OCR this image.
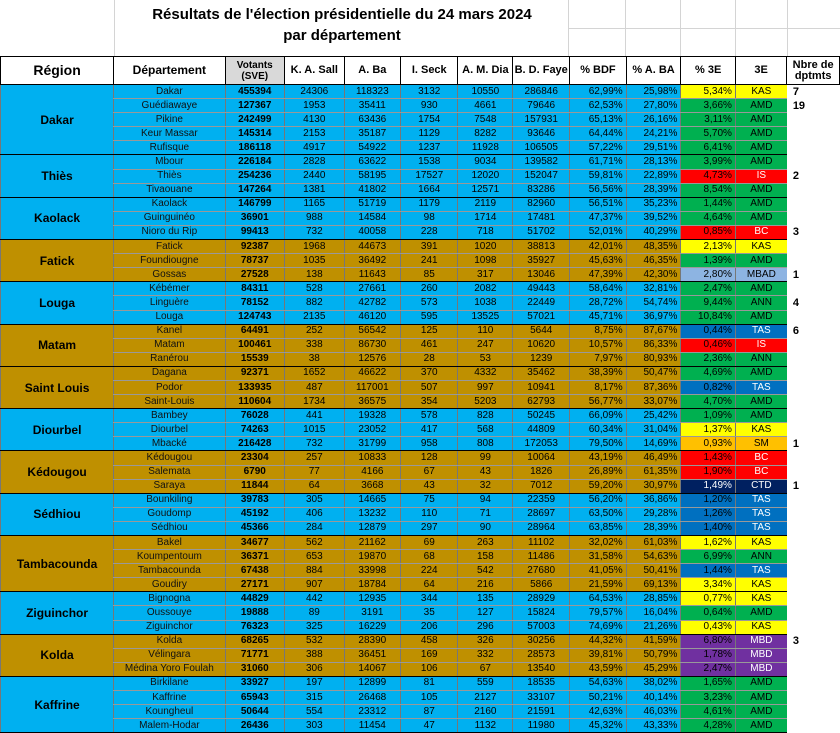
Résultats de l'élection présidentielle du 24 mars 2024
par département
Région	Département	Votants (SVE)	K. A. Sall	A. Ba	I. Seck	A. M. Dia	B. D. Faye	% BDF	% A. BA	% 3E	3E	Nbre de dptmts
Dakar	Dakar	455394	24306	118323	3132	10550	286846	62,99%	25,98%	5,34%	KAS	7
	Guédiawaye	127367	1953	35411	930	4661	79646	62,53%	27,80%	3,66%	AMD	19
	Pikine	242499	4130	63436	1754	7548	157931	65,13%	26,16%	3,11%	AMD	
	Keur Massar	145314	2153	35187	1129	8282	93646	64,44%	24,21%	5,70%	AMD	
	Rufisque	186118	4917	54922	1237	11928	106505	57,22%	29,51%	6,41%	AMD	
Thiès	Mbour	226184	2828	63622	1538	9034	139582	61,71%	28,13%	3,99%	AMD	
	Thiès	254236	2440	58195	17527	12020	152047	59,81%	22,89%	4,73%	IS	2
	Tivaouane	147264	1381	41802	1664	12571	83286	56,56%	28,39%	8,54%	AMD	
Kaolack	Kaolack	146799	1165	51719	1179	2119	82960	56,51%	35,23%	1,44%	AMD	
	Guinguinéo	36901	988	14584	98	1714	17481	47,37%	39,52%	4,64%	AMD	
	Nioro du Rip	99413	732	40058	228	718	51702	52,01%	40,29%	0,85%	BC	3
Fatick	Fatick	92387	1968	44673	391	1020	38813	42,01%	48,35%	2,13%	KAS	
	Foundiougne	78737	1035	36492	241	1098	35927	45,63%	46,35%	1,39%	AMD	
	Gossas	27528	138	11643	85	317	13046	47,39%	42,30%	2,80%	MBAD	1
Louga	Kébémer	84311	528	27661	260	2082	49443	58,64%	32,81%	2,47%	AMD	
	Linguère	78152	882	42782	573	1038	22449	28,72%	54,74%	9,44%	ANN	4
	Louga	124743	2135	46120	595	13525	57021	45,71%	36,97%	10,84%	AMD	
Matam	Kanel	64491	252	56542	125	110	5644	8,75%	87,67%	0,44%	TAS	6
	Matam	100461	338	86730	461	247	10620	10,57%	86,33%	0,46%	IS	
	Ranérou	15539	38	12576	28	53	1239	7,97%	80,93%	2,36%	ANN	
Saint Louis	Dagana	92371	1652	46622	370	4332	35462	38,39%	50,47%	4,69%	AMD	
	Podor	133935	487	117001	507	997	10941	8,17%	87,36%	0,82%	TAS	
	Saint-Louis	110604	1734	36575	354	5203	62793	56,77%	33,07%	4,70%	AMD	
Diourbel	Bambey	76028	441	19328	578	828	50245	66,09%	25,42%	1,09%	AMD	
	Diourbel	74263	1015	23052	417	568	44809	60,34%	31,04%	1,37%	KAS	
	Mbacké	216428	732	31799	958	808	172053	79,50%	14,69%	0,93%	SM	1
Kédougou	Kédougou	23304	257	10833	128	99	10064	43,19%	46,49%	1,43%	BC	
	Salemata	6790	77	4166	67	43	1826	26,89%	61,35%	1,90%	BC	
	Saraya	11844	64	3668	43	32	7012	59,20%	30,97%	1,49%	CTD	1
Sédhiou	Bounkiling	39783	305	14665	75	94	22359	56,20%	36,86%	1,20%	TAS	
	Goudomp	45192	406	13232	110	71	28697	63,50%	29,28%	1,26%	TAS	
	Sédhiou	45366	284	12879	297	90	28964	63,85%	28,39%	1,40%	TAS	
Tambacounda	Bakel	34677	562	21162	69	263	11102	32,02%	61,03%	1,62%	KAS	
	Koumpentoum	36371	653	19870	68	158	11486	31,58%	54,63%	6,99%	ANN	
	Tambacounda	67438	884	33998	224	542	27680	41,05%	50,41%	1,44%	TAS	
	Goudiry	27171	907	18784	64	216	5866	21,59%	69,13%	3,34%	KAS	
Ziguinchor	Bignogna	44829	442	12935	344	135	28929	64,53%	28,85%	0,77%	KAS	
	Oussouye	19888	89	3191	35	127	15824	79,57%	16,04%	0,64%	AMD	
	Ziguinchor	76323	325	16229	206	296	57003	74,69%	21,26%	0,43%	KAS	
Kolda	Kolda	68265	532	28390	458	326	30256	44,32%	41,59%	6,80%	MBD	3
	Vélingara	71771	388	36451	169	332	28573	39,81%	50,79%	1,78%	MBD	
	Médina Yoro Foulah	31060	306	14067	106	67	13540	43,59%	45,29%	2,47%	MBD	
Kaffrine	Birkilane	33927	197	12899	81	559	18535	54,63%	38,02%	1,65%	AMD	
	Kaffrine	65943	315	26468	105	2127	33107	50,21%	40,14%	3,23%	AMD	
	Koungheul	50644	554	23312	87	2160	21591	42,63%	46,03%	4,61%	AMD	
	Malem-Hodar	26436	303	11454	47	1132	11980	45,32%	43,33%	4,28%	AMD	
